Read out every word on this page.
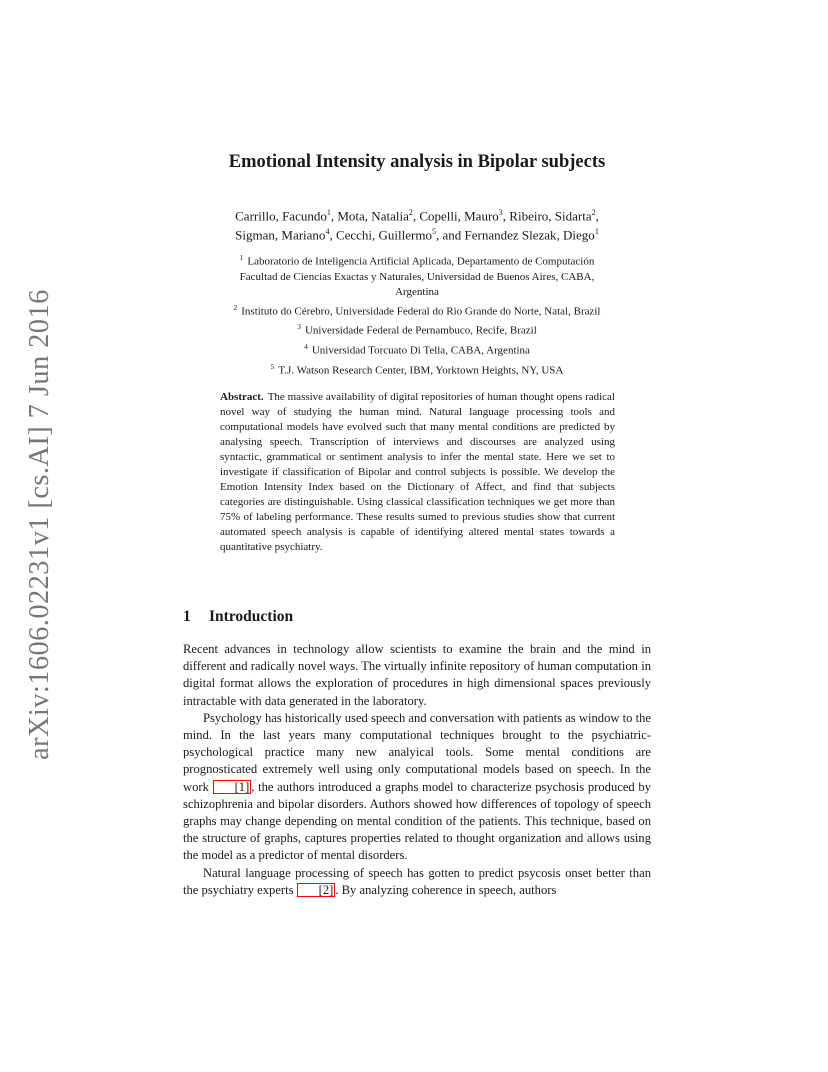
arXiv:1606.02231v1 [cs.AI] 7 Jun 2016
Emotional Intensity analysis in Bipolar subjects
Carrillo, Facundo$^1$, Mota, Natalia$^2$, Copelli, Mauro$^3$, Ribeiro, Sidarta$^2$,
Sigman, Mariano$^4$, Cecchi, Guillermo$^5$, and Fernandez Slezak, Diego$^1$
$^1$ Laboratorio de Inteligencia Artificial Aplicada, Departamento de Computación
Facultad de Ciencias Exactas y Naturales, Universidad de Buenos Aires, CABA,
Argentina
$^2$ Instituto do Cérebro, Universidade Federal do Rio Grande do Norte, Natal, Brazil
$^3$ Universidade Federal de Pernambuco, Recife, Brazil
$^4$ Universidad Torcuato Di Tella, CABA, Argentina
$^5$ T.J. Watson Research Center, IBM, Yorktown Heights, NY, USA
Abstract. The massive availability of digital repositories of human thought opens radical novel way of studying the human mind. Natural language processing tools and computational models have evolved such that many mental conditions are predicted by analysing speech. Transcription of interviews and discourses are analyzed using syntactic, grammatical or sentiment analysis to infer the mental state. Here we set to investigate if classification of Bipolar and control subjects is possible. We develop the Emotion Intensity Index based on the Dictionary of Affect, and find that subjects categories are distinguishable. Using classical classification techniques we get more than 75% of labeling performance. These results sumed to previous studies show that current automated speech analysis is capable of identifying altered mental states towards a quantitative psychiatry.
1 Introduction

Recent advances in technology allow scientists to examine the brain and the mind in different and radically novel ways. The virtually infinite repository of human computation in digital format allows the exploration of procedures in high dimensional spaces previously intractable with data generated in the laboratory.

Psychology has historically used speech and conversation with patients as window to the mind. In the last years many computational techniques brought to the psychiatric-psychological practice many new analyical tools. Some mental conditions are prognosticated extremely well using only computational models based on speech. In the work [1] , the authors introduced a graphs model to characterize psychosis produced by schizophrenia and bipolar disorders. Authors showed how differences of topology of speech graphs may change depending on mental condition of the patients. This technique, based on the structure of graphs, captures properties related to thought organization and allows using the model as a predictor of mental disorders.

Natural language processing of speech has gotten to predict psycosis onset better than the psychiatry experts [2] . By analyzing coherence in speech, authors
